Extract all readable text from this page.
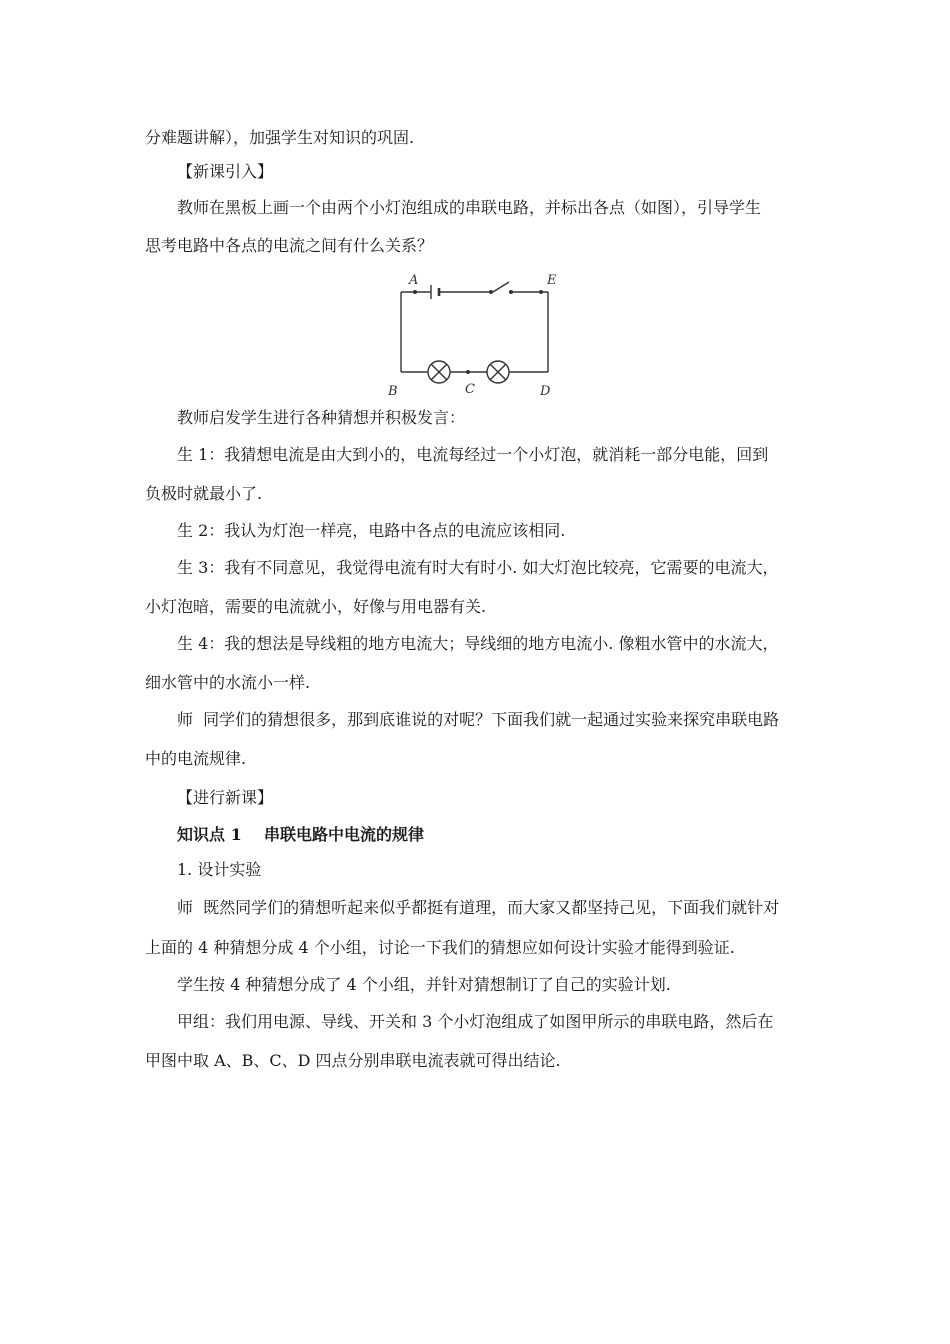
分难题讲解），加强学生对知识的巩固.
【新课引入】
教师在黑板上画一个由两个小灯泡组成的串联电路，并标出各点（如图），引导学生
思考电路中各点的电流之间有什么关系？
A	E
B	C	D
教师启发学生进行各种猜想并积极发言：
生 1：我猜想电流是由大到小的，电流每经过一个小灯泡，就消耗一部分电能，回到
负极时就最小了.
生 2：我认为灯泡一样亮，电路中各点的电流应该相同.
生 3：我有不同意见，我觉得电流有时大有时小. 如大灯泡比较亮，它需要的电流大，
小灯泡暗，需要的电流就小，好像与用电器有关.
生 4：我的想法是导线粗的地方电流大；导线细的地方电流小. 像粗水管中的水流大，
细水管中的水流小一样.
师  同学们的猜想很多，那到底谁说的对呢？下面我们就一起通过实验来探究串联电路
中的电流规律.
【进行新课】
知识点 1    串联电路中电流的规律
1. 设计实验
师  既然同学们的猜想听起来似乎都挺有道理，而大家又都坚持己见，下面我们就针对
上面的 4 种猜想分成 4 个小组，讨论一下我们的猜想应如何设计实验才能得到验证.
学生按 4 种猜想分成了 4 个小组，并针对猜想制订了自己的实验计划.
甲组：我们用电源、导线、开关和 3 个小灯泡组成了如图甲所示的串联电路，然后在
甲图中取 A、B、C、D 四点分别串联电流表就可得出结论.
